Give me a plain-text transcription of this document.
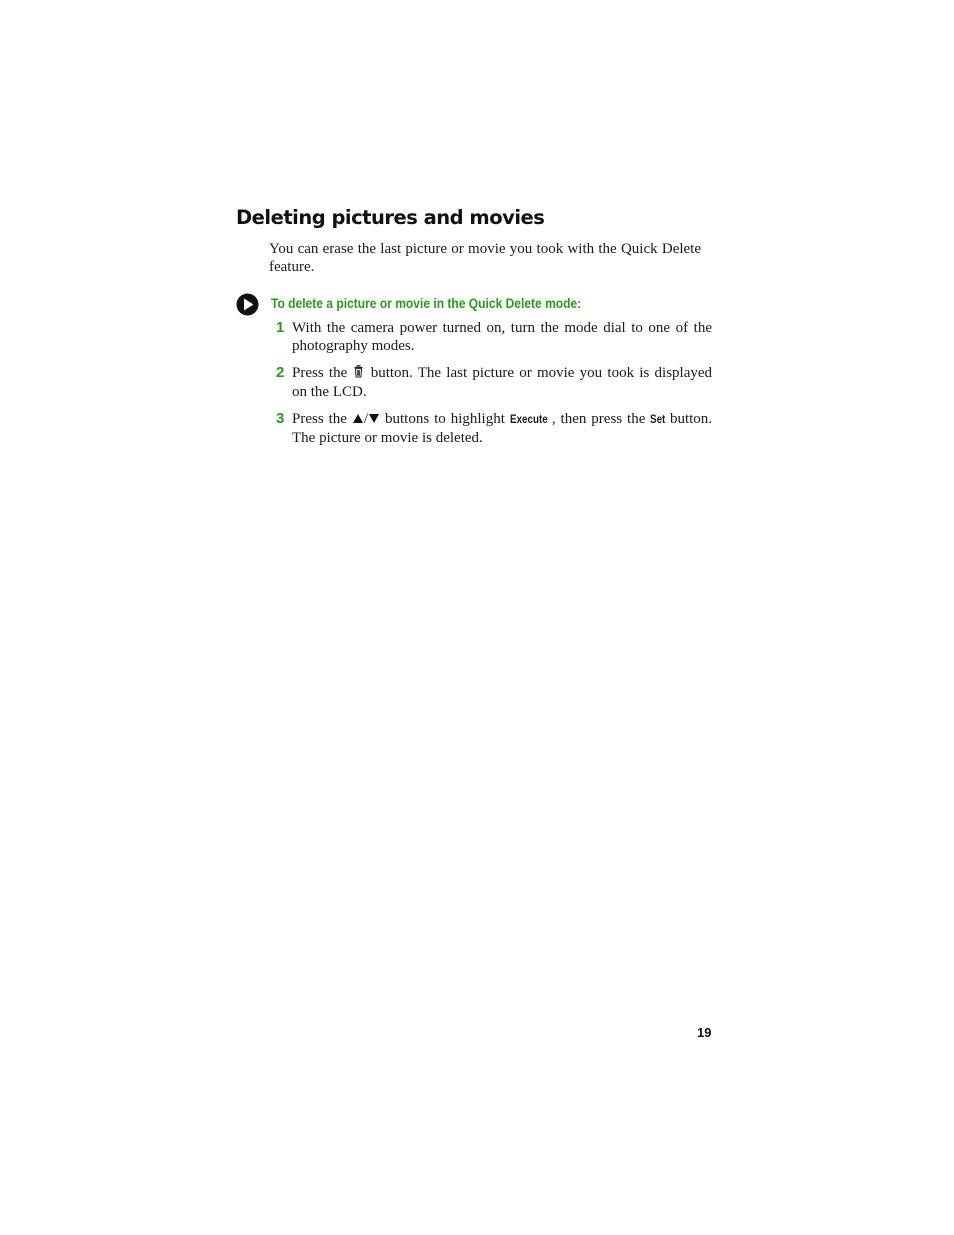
Deleting pictures and movies

You can erase the last picture or movie you took with the Quick Delete feature.

To delete a picture or movie in the Quick Delete mode:
1 With the camera power turned on, turn the mode dial to one of the photography modes.
2 Press the button. The last picture or movie you took is displayed on the LCD.
3 Press the / buttons to highlight Execute , then press the Set button. The picture or movie is deleted.
19
